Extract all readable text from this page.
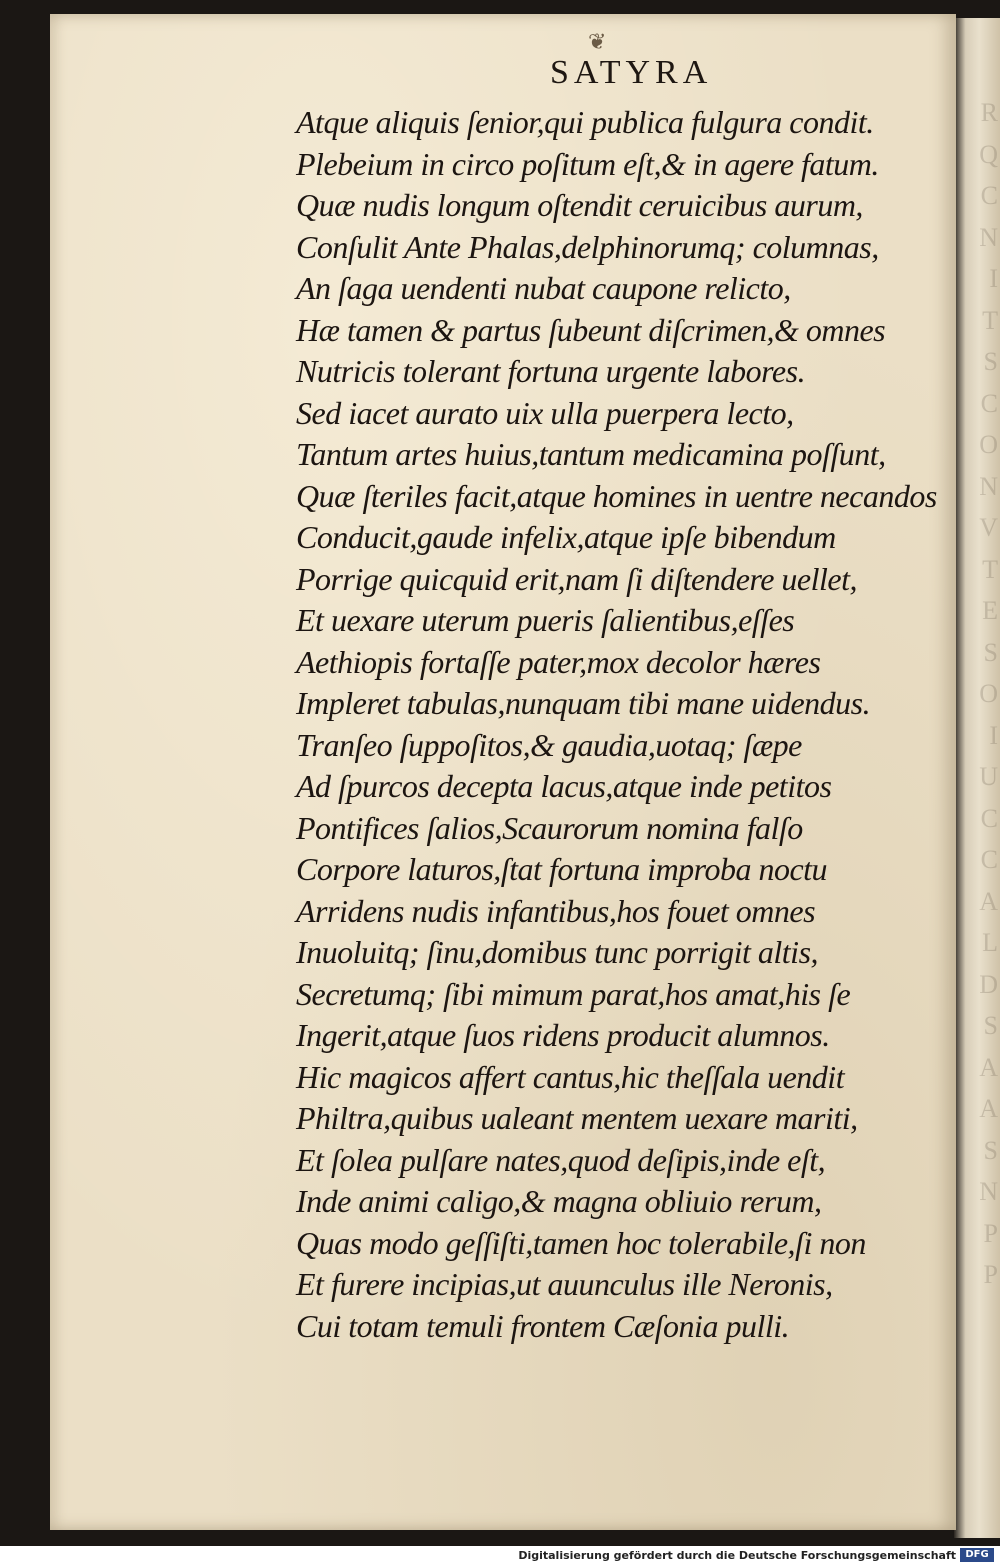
R
Q
C
N
I
T
S
C
O
N
V
T
E
S
O
I
U
C
C
A
L
D
S
A
A
S
N
P
P
❦
SATYRA
Atque aliquis ſenior,qui publica fulgura condit.
Plebeium in circo poſitum eſt,& in agere fatum.
Quæ nudis longum oſtendit ceruicibus aurum,
Conſulit Ante Phalas,delphinorumq; columnas,
An ſaga uendenti nubat caupone relicto,
Hæ tamen & partus ſubeunt diſcrimen,& omnes
Nutricis tolerant fortuna urgente labores.
Sed iacet aurato uix ulla puerpera lecto,
Tantum artes huius,tantum medicamina poſſunt,
Quæ ſteriles facit,atque homines in uentre necandos
Conducit,gaude infelix,atque ipſe bibendum
Porrige quicquid erit,nam ſi diſtendere uellet,
Et uexare uterum pueris ſalientibus,eſſes
Aethiopis fortaſſe pater,mox decolor hæres
Impleret tabulas,nunquam tibi mane uidendus.
Tranſeo ſuppoſitos,& gaudia,uotaq; ſæpe
Ad ſpurcos decepta lacus,atque inde petitos
Pontifices ſalios,Scaurorum nomina falſo
Corpore laturos,ſtat fortuna improba noctu
Arridens nudis infantibus,hos fouet omnes
Inuoluitq; ſinu,domibus tunc porrigit altis,
Secretumq; ſibi mimum parat,hos amat,his ſe
Ingerit,atque ſuos ridens producit alumnos.
Hic magicos affert cantus,hic theſſala uendit
Philtra,quibus ualeant mentem uexare mariti,
Et ſolea pulſare nates,quod deſipis,inde eſt,
Inde animi caligo,& magna obliuio rerum,
Quas modo geſſiſti,tamen hoc tolerabile,ſi non
Et furere incipias,ut auunculus ille Neronis,
Cui totam temuli frontem Cæſonia pulli.
Digitalisierung gefördert durch die Deutsche Forschungsgemeinschaft DFG
